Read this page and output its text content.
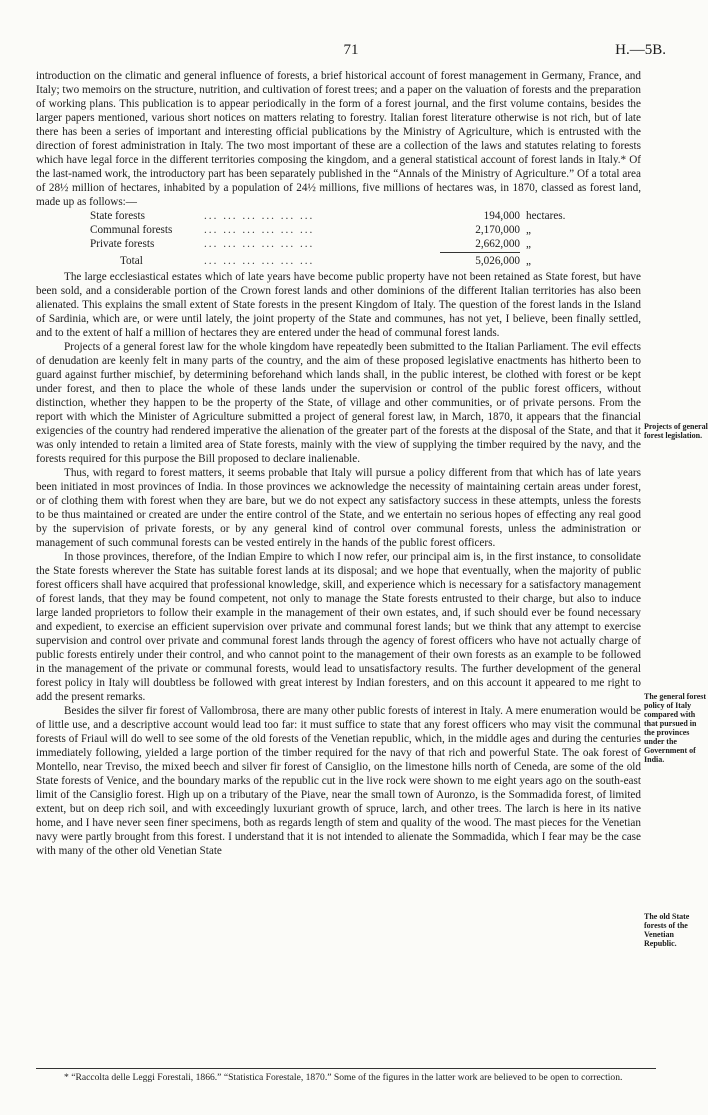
71	H.—5B.

introduction on the climatic and general influence of forests, a brief historical account of forest management in Germany, France, and Italy; two memoirs on the structure, nutrition, and cultivation of forest trees; and a paper on the valuation of forests and the preparation of working plans. This publication is to appear periodically in the form of a forest journal, and the first volume contains, besides the larger papers mentioned, various short notices on matters relating to forestry. Italian forest literature otherwise is not rich, but of late there has been a series of important and interesting official publications by the Ministry of Agriculture, which is entrusted with the direction of forest administration in Italy. The two most important of these are a collection of the laws and statutes relating to forests which have legal force in the different territories composing the kingdom, and a general statistical account of forest lands in Italy.* Of the last-named work, the introductory part has been separately published in the “Annals of the Ministry of Agriculture.” Of a total area of 28½ million of hectares, inhabited by a population of 24½ millions, five millions of hectares was, in 1870, classed as forest land, made up as follows:—

State forests	... ... ... ... ... ...	194,000 hectares.
Communal forests	... ... ... ... ... ...	2,170,000 „
Private forests	... ... ... ... ... ...	2,662,000 „
Total	... ... ... ... ... ...	5,026,000 „

The large ecclesiastical estates which of late years have become public property have not been retained as State forest, but have been sold, and a considerable portion of the Crown forest lands and other dominions of the different Italian territories has also been alienated. This explains the small extent of State forests in the present Kingdom of Italy. The question of the forest lands in the Island of Sardinia, which are, or were until lately, the joint property of the State and communes, has not yet, I believe, been finally settled, and to the extent of half a million of hectares they are entered under the head of communal forest lands.

Projects of a general forest law for the whole kingdom have repeatedly been submitted to the Italian Parliament. The evil effects of denudation are keenly felt in many parts of the country, and the aim of these proposed legislative enactments has hitherto been to guard against further mischief, by determining beforehand which lands shall, in the public interest, be clothed with forest or be kept under forest, and then to place the whole of these lands under the supervision or control of the public forest officers, without distinction, whether they happen to be the property of the State, of village and other communities, or of private persons. From the report with which the Minister of Agriculture submitted a project of general forest law, in March, 1870, it appears that the financial exigencies of the country had rendered imperative the alienation of the greater part of the forests at the disposal of the State, and that it was only intended to retain a limited area of State forests, mainly with the view of supplying the timber required by the navy, and the forests required for this purpose the Bill proposed to declare inalienable.

Thus, with regard to forest matters, it seems probable that Italy will pursue a policy different from that which has of late years been initiated in most provinces of India. In those provinces we acknowledge the necessity of maintaining certain areas under forest, or of clothing them with forest when they are bare, but we do not expect any satisfactory success in these attempts, unless the forests to be thus maintained or created are under the entire control of the State, and we entertain no serious hopes of effecting any real good by the supervision of private forests, or by any general kind of control over communal forests, unless the administration or management of such communal forests can be vested entirely in the hands of the public forest officers.

In those provinces, therefore, of the Indian Empire to which I now refer, our principal aim is, in the first instance, to consolidate the State forests wherever the State has suitable forest lands at its disposal; and we hope that eventually, when the majority of public forest officers shall have acquired that professional knowledge, skill, and experience which is necessary for a satisfactory management of forest lands, that they may be found competent, not only to manage the State forests entrusted to their charge, but also to induce large landed proprietors to follow their example in the management of their own estates, and, if such should ever be found necessary and expedient, to exercise an efficient supervision over private and communal forest lands; but we think that any attempt to exercise supervision and control over private and communal forest lands through the agency of forest officers who have not actually charge of public forests entirely under their control, and who cannot point to the management of their own forests as an example to be followed in the management of the private or communal forests, would lead to unsatisfactory results. The further development of the general forest policy in Italy will doubtless be followed with great interest by Indian foresters, and on this account it appeared to me right to add the present remarks.

Besides the silver fir forest of Vallombrosa, there are many other public forests of interest in Italy. A mere enumeration would be of little use, and a descriptive account would lead too far: it must suffice to state that any forest officers who may visit the communal forests of Friaul will do well to see some of the old forests of the Venetian republic, which, in the middle ages and during the centuries immediately following, yielded a large portion of the timber required for the navy of that rich and powerful State. The oak forest of Montello, near Treviso, the mixed beech and silver fir forest of Cansiglio, on the limestone hills north of Ceneda, are some of the old State forests of Venice, and the boundary marks of the republic cut in the live rock were shown to me eight years ago on the south-east limit of the Cansiglio forest. High up on a tributary of the Piave, near the small town of Auronzo, is the Sommadida forest, of limited extent, but on deep rich soil, and with exceedingly luxuriant growth of spruce, larch, and other trees. The larch is here in its native home, and I have never seen finer specimens, both as regards length of stem and quality of the wood. The mast pieces for the Venetian navy were partly brought from this forest. I understand that it is not intended to alienate the Sommadida, which I fear may be the case with many of the other old Venetian State

Projects of general forest legislation.
The general forest policy of Italy compared with that pursued in the provinces under the Government of India.
The old State forests of the Venetian Republic.
* “Raccolta delle Leggi Forestali, 1866.” “Statistica Forestale, 1870.” Some of the figures in the latter work are believed to be open to correction.
